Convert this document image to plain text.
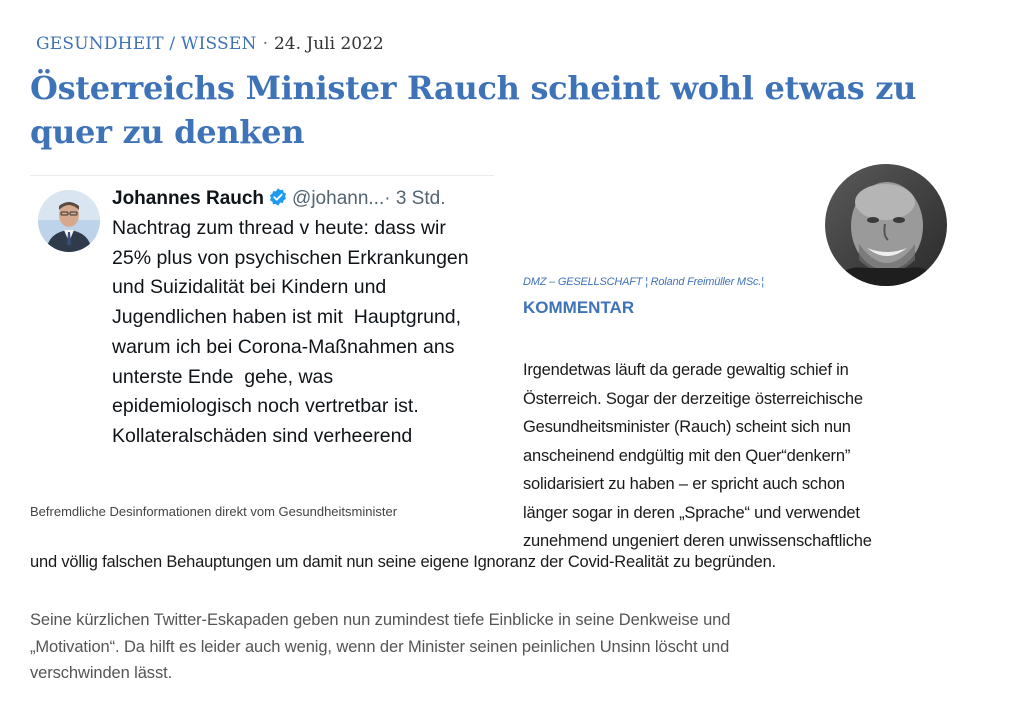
GESUNDHEIT / WISSEN · 24. Juli 2022
Österreichs Minister Rauch scheint wohl etwas zu quer zu denken
Johannes Rauch @johann...· 3 Std.

Nachtrag zum thread v heute: dass wir
25% plus von psychischen Erkrankungen
und Suizidalität bei Kindern und
Jugendlichen haben ist mit  Hauptgrund,
warum ich bei Corona-Maßnahmen ans
unterste Ende  gehe, was
epidemiologisch noch vertretbar ist.
Kollateralschäden sind verheerend

Befremdliche Desinformationen direkt vom Gesundheitsminister
DMZ – GESELLSCHAFT ¦ Roland Freimüller MSc.¦
KOMMENTAR

Irgendetwas läuft da gerade gewaltig schief in
Österreich. Sogar der derzeitige österreichische
Gesundheitsminister (Rauch) scheint sich nun
anscheinend endgültig mit den Quer“denkern”
solidarisiert zu haben – er spricht auch schon
länger sogar in deren „Sprache“ und verwendet
zunehmend ungeniert deren unwissenschaftliche

und völlig falschen Behauptungen um damit nun seine eigene Ignoranz der Covid-Realität zu begründen.

Seine kürzlichen Twitter-Eskapaden geben nun zumindest tiefe Einblicke in seine Denkweise und
„Motivation“. Da hilft es leider auch wenig, wenn der Minister seinen peinlichen Unsinn löscht und
verschwinden lässt.
